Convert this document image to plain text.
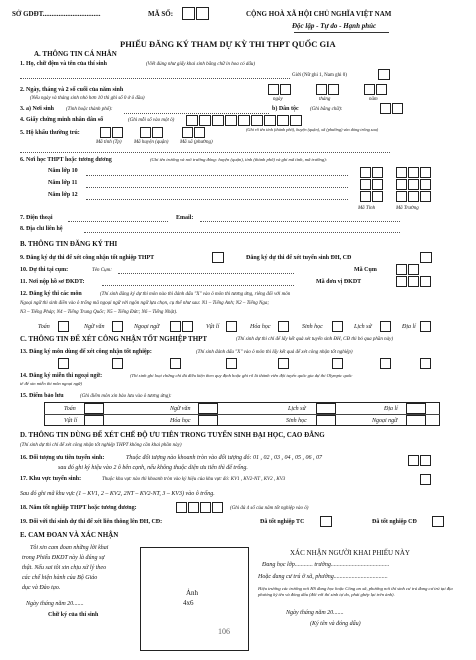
SỞ GDĐT.................................	MÃ SỐ:	CỘNG HOÀ XÃ HỘI CHỦ NGHĨA VIỆT NAM
Độc lập - Tự do - Hạnh phúc
PHIẾU ĐĂNG KÝ THAM DỰ KỲ THI THPT QUỐC GIA
A. THÔNG TIN CÁ NHÂN
1. Họ, chữ đệm và tên của thí sinh	(Viết đúng như giấy khai sinh bằng chữ in hoa có dấu)
Giới (Nữ ghi 1, Nam ghi 0)
2. Ngày, tháng và 2 số cuối của năm sinh
(Nếu ngày và tháng sinh nhỏ hơn 10 thì ghi số 0 ở ô đầu)	ngày	tháng	năm
3. a) Nơi sinh (Tỉnh hoặc thành phố):	b) Dân tộc (Ghi bằng chữ):
4. Giấy chứng minh nhân dân số	(Ghi mỗi số vào một ô)
5. Hộ khẩu thường trú:
Mã tỉnh (Tp) Mã huyện (quận) Mã xã (phường)
(Ghi rõ tên tỉnh (thành phố), huyện (quận), xã (phường) vào dòng trống sau)
6. Nơi học THPT hoặc tương đương	(Ghi tên trường và nơi trường đóng: huyện (quận), tỉnh (thành phố) và ghi mã tỉnh, mã trường):
Năm lớp 10
Năm lớp 11
Năm lớp 12
Mã Tỉnh	Mã Trường
7. Điện thoại	Email:
8. Địa chỉ liên hệ
B. THÔNG TIN ĐĂNG KÝ THI
9. Đăng ký dự thi để xét công nhận tốt nghiệp THPT	Đăng ký dự thi để xét tuyển sinh ĐH, CĐ
10. Dự thi tại cụm:	Tên Cụm:	Mã Cụm
11. Nơi nộp hồ sơ ĐKDT:	Mã đơn vị ĐKDT
12. Đăng ký thi các môn	(Thí sinh đăng ký dự thi môn nào thì đánh dấu "X" vào ô môn thi tương ứng, riêng đối với môn
Ngoại ngữ thì sinh điền vào ô trống mã ngoại ngữ với ngôn ngữ lựa chọn, cụ thể như sau: N1 – Tiếng Anh; N2 – Tiếng Nga;
N3 – Tiếng Pháp; N4 – Tiếng Trung Quốc; N5 – Tiếng Đức; N6 – Tiếng Nhật).
Toán	Ngữ văn	Ngoại ngữ	Vật lí	Hóa học	Sinh học	Lịch sử	Địa lí
C. THÔNG TIN ĐỂ XÉT CÔNG NHẬN TỐT NGHIỆP THPT	(Thí sinh dự thi chỉ để lấy kết quả xét tuyển sinh ĐH, CĐ thì bỏ qua phần này)
13. Đăng ký môn dùng để xét công nhận tốt nghiệp:	(Thí sinh đánh dấu "X" vào ô môn thi lấy kết quả để xét công nhận tốt nghiệp)
14. Đăng ký miễn thi ngoại ngữ:	(Thí sinh ghi loại chứng chỉ đủ điều kiện theo quy định hoặc ghi rõ là thành viên đội tuyển quốc gia dự thi Olympic quốc
tế để xin miễn thi môn ngoại ngữ)
15. Điểm bảo lưu	(Ghi điểm môn xin bảo lưu vào ô tương ứng):
Toán	Ngữ văn	Lịch sử	Địa lí
Vật lí	Hóa học	Sinh học	Ngoại ngữ
D. THÔNG TIN DÙNG ĐỂ XÉT CHẾ ĐỘ ƯU TIÊN TRONG TUYỂN SINH ĐẠI HỌC, CAO ĐẲNG
(Thí sinh dự thi chỉ để xét công nhận tốt nghiệp THPT không cần khai phần này)
16. Đối tượng ưu tiên tuyển sinh:	Thuộc đối tượng nào khoanh tròn vào đối tượng đó: 01 , 02 , 03 , 04 , 05 , 06 , 07
sau đó ghi ký hiệu vào 2 ô bên cạnh, nếu không thuộc diện ưu tiên thì để trống.
17. Khu vực tuyển sinh:	Thuộc khu vực nào thì khoanh tròn vào ký hiệu của khu vực đó: KV1 , KV2-NT , KV2 , KV3
Sau đó ghi mã khu vực (1 – KV1, 2 – KV2, 2NT – KV2-NT, 3 – KV3) vào ô trống.
18. Năm tốt nghiệp THPT hoặc tương đương:	(Ghi đủ 4 số của năm tốt nghiệp vào ô)
19. Đối với thí sinh dự thi để xét liên thông lên ĐH, CĐ:	Đã tốt nghiệp TC	Đã tốt nghiệp CĐ
E. CAM ĐOAN VÀ XÁC NHẬN
Tôi xin cam đoan những lời khai
trong Phiếu ĐKDT này là đúng sự
thật. Nếu sai tôi xin chịu xử lý theo
các chế hiện hành của Bộ Giáo
dục và Đào tạo.
Ngày tháng năm 20.......
Chữ ký của thí sinh
Ảnh
4x6
106
XÁC NHẬN NGƯỜI KHAI PHIẾU NÀY
Đang học lớp............ trường.......................................
Hoặc đang cư trú ở xã, phường....................................
Hiệu trưởng các trường nơi HS đang học hoặc Công an xã, phường nơi thí sinh cư trú đang cư trú tại địa phương ký tên và đóng dấu (đối với thí sinh tự do, phải ghép lại trên ảnh).
Ngày tháng năm 20.......
(Ký tên và đóng dấu)
